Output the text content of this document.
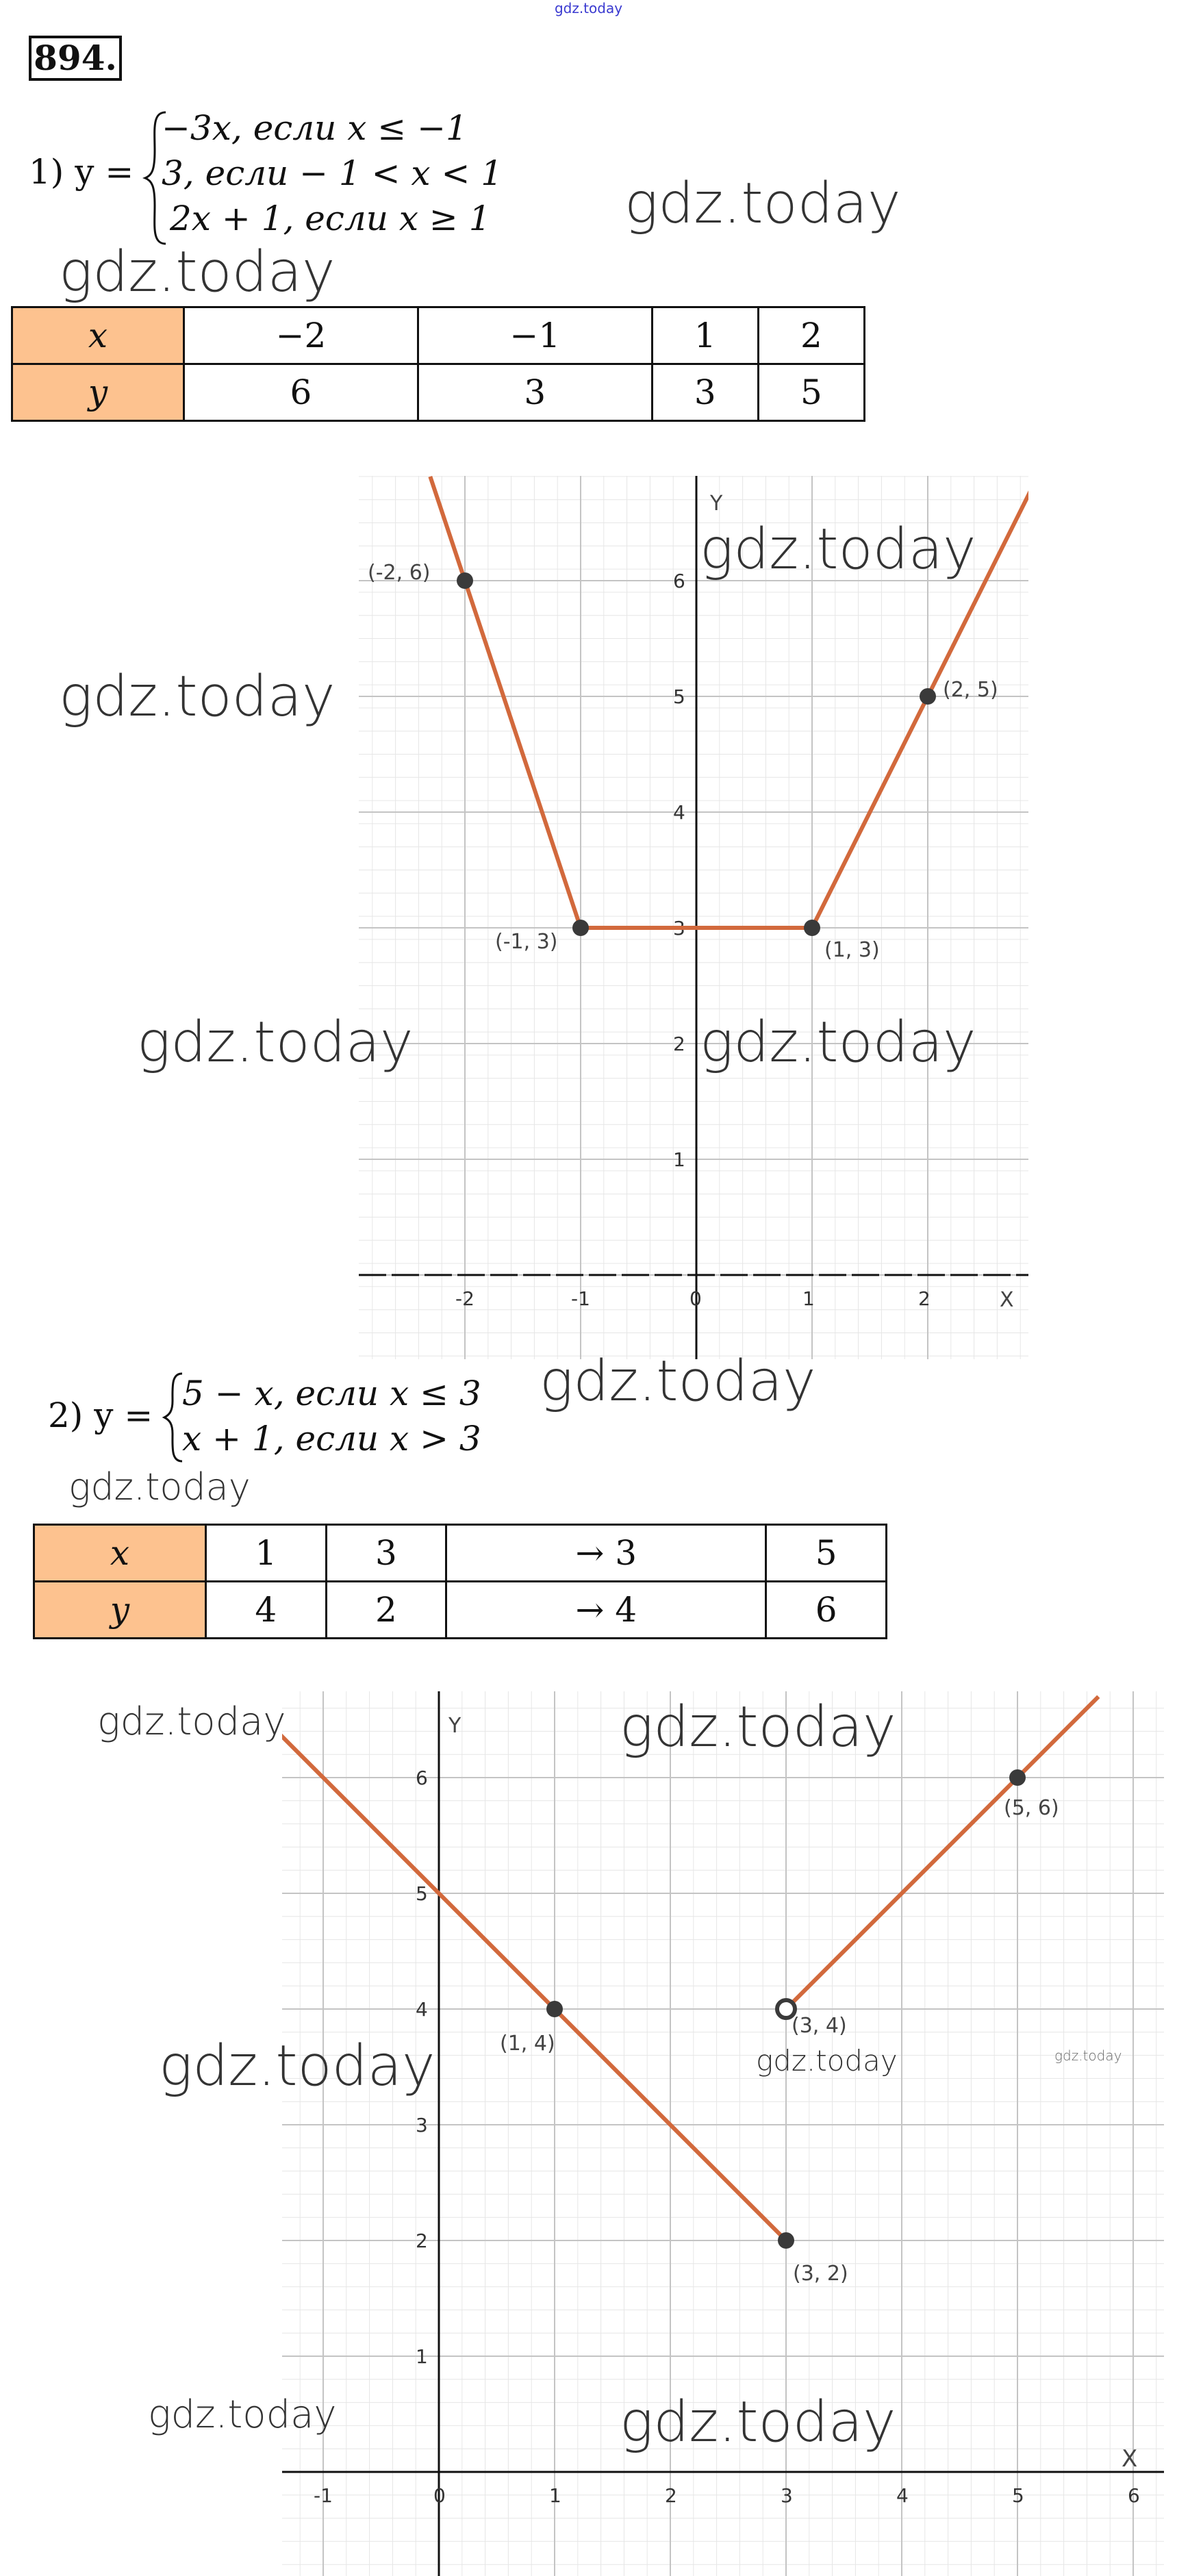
gdz.today
894.
1) y =
−3x, если x ≤ −1
3, если − 1 < x < 1
2x + 1, если x ≥ 1 gdz.today
gdz.today
x	−2	−1	1	2
y	6	3	3	5
Y
X
-2	-1	0	1	2
1
2
3
4
5
6
(-2, 6)
(-1, 3)	(1, 3)
(2, 5)
gdz.today
gdz.today
gdz.today	gdz.today
gdz.today
2) y =
5 − x, если x ≤ 3
x + 1, если x > 3
gdz.today
x	1	3	→ 3	5
y	4	2	→ 4	6
Y
X
-1	0	1	2	3	4	5	6
1
2
3
4
5
6
(1, 4)
(3, 2)
(3, 4)
(5, 6)
gdz.today	gdz.today
gdz.today	gdz.today	gdz.today
gdz.today	gdz.today
